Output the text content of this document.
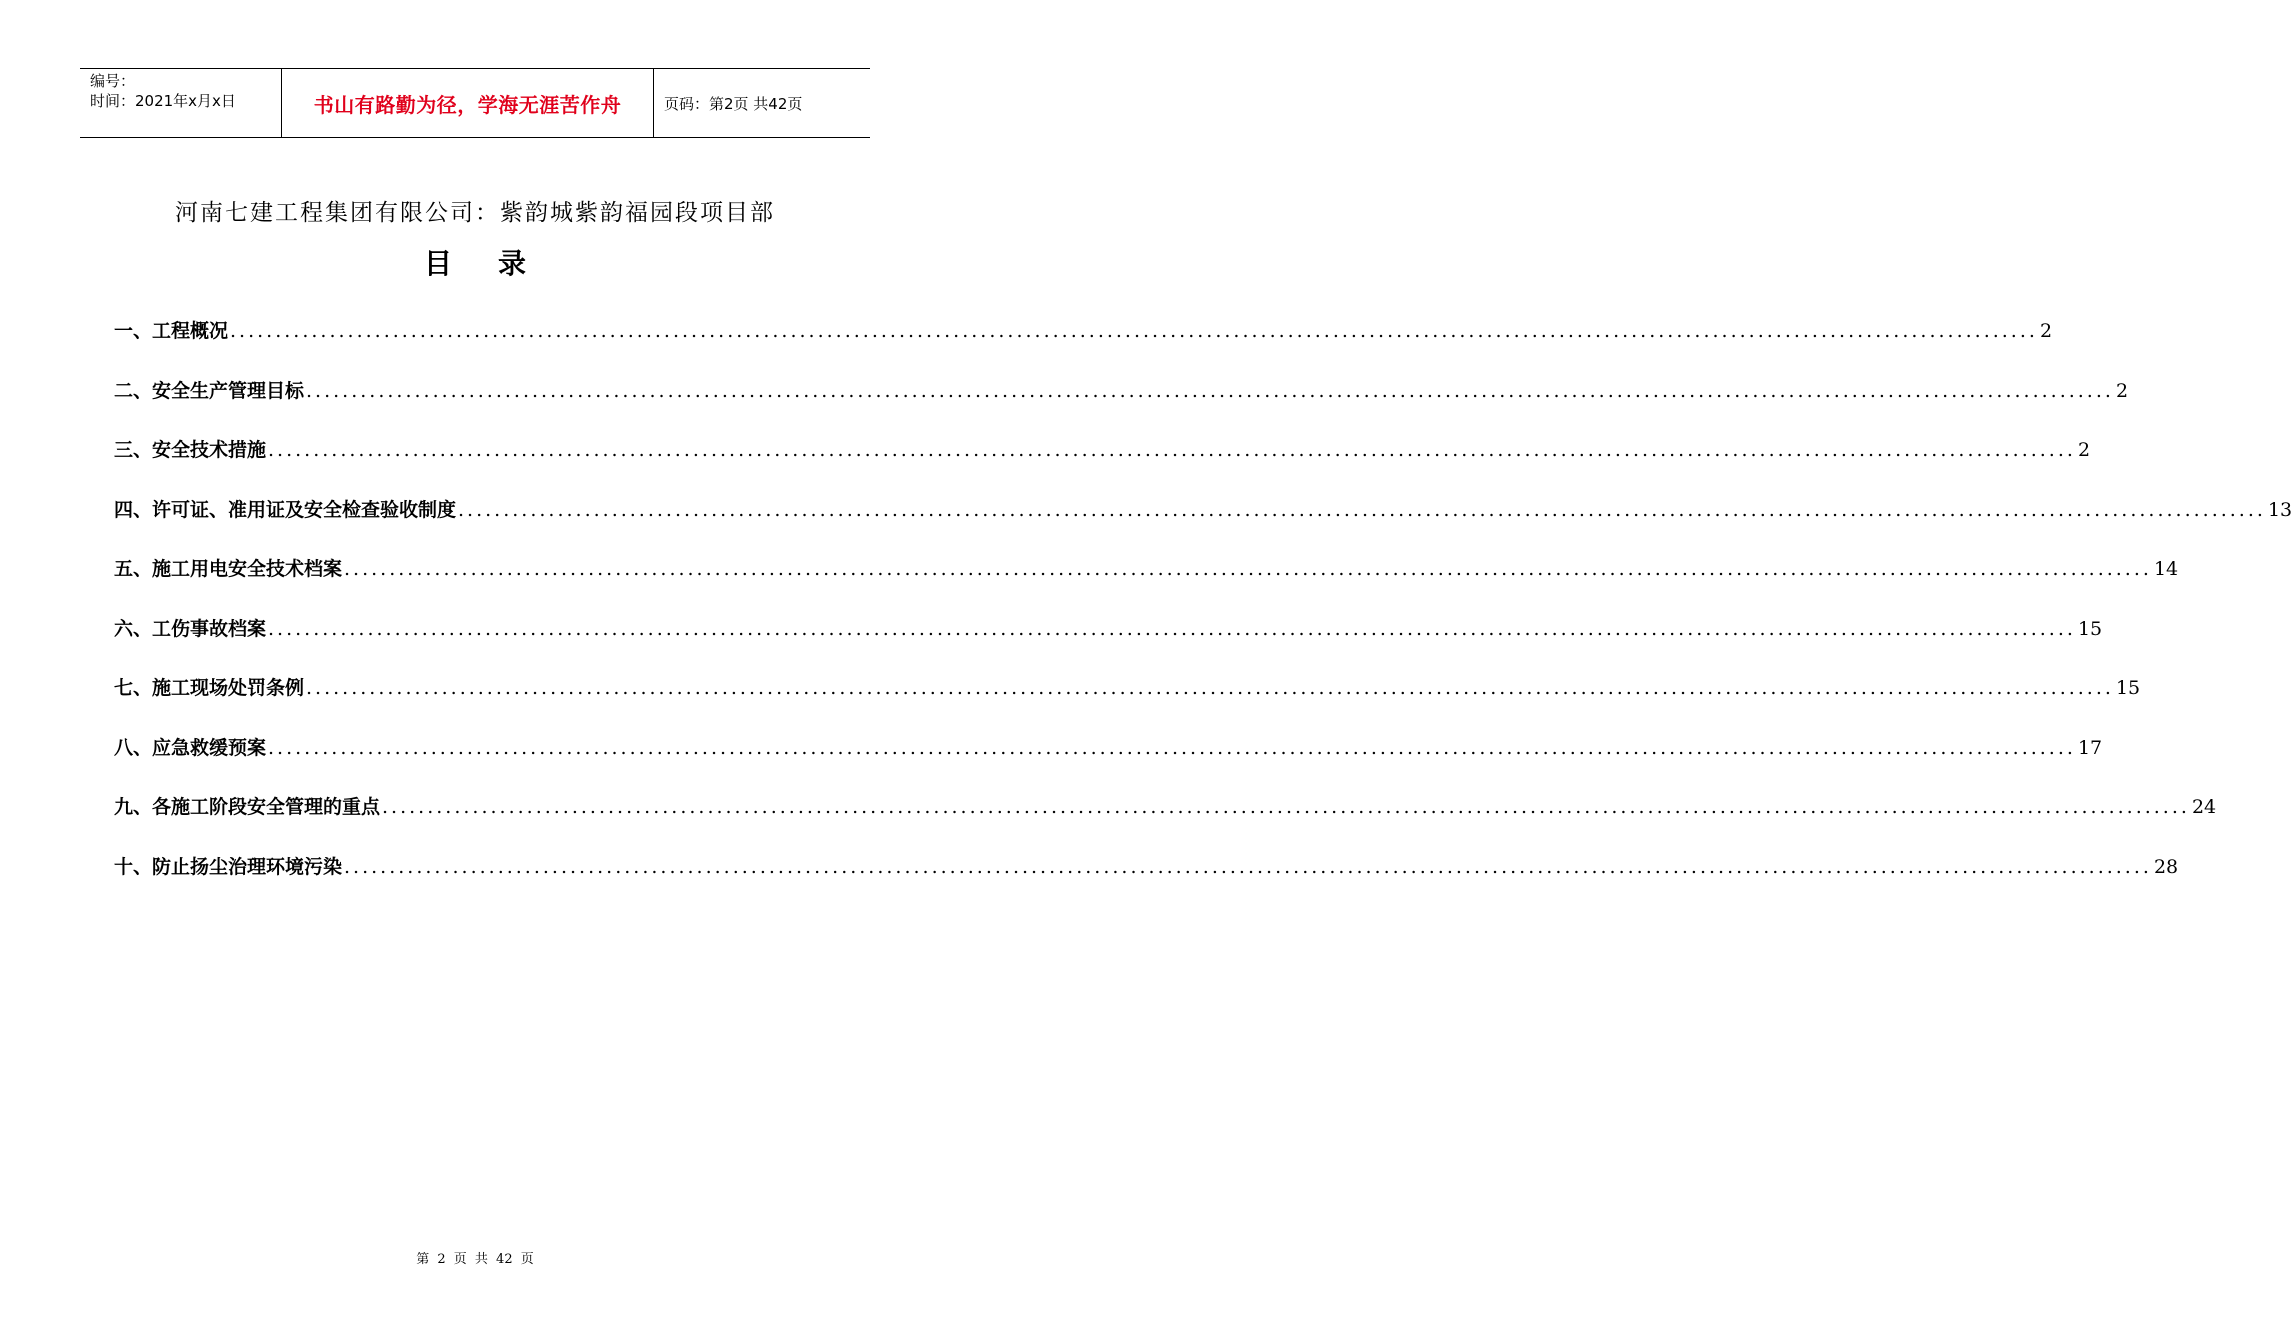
编号：
时间：2021年x月x日	书山有路勤为径，学海无涯苦作舟	页码：第2页 共42页
河南七建工程集团有限公司：紫韵城紫韵福园段项目部
目录
一、工程概况 ........................................................................................................................................................................................................ 2
二、安全生产管理目标 ........................................................................................................................................................................................................ 2
三、安全技术措施 ........................................................................................................................................................................................................ 2
四、许可证、准用证及安全检查验收制度 ........................................................................................................................................................................................................ 13
五、施工用电安全技术档案 ........................................................................................................................................................................................................ 14
六、工伤事故档案 ........................................................................................................................................................................................................ 15
七、施工现场处罚条例 ........................................................................................................................................................................................................ 15
八、应急救缓预案 ........................................................................................................................................................................................................ 17
九、各施工阶段安全管理的重点 ........................................................................................................................................................................................................ 24
十、防止扬尘治理环境污染 ........................................................................................................................................................................................................ 28
第 2 页 共 42 页
